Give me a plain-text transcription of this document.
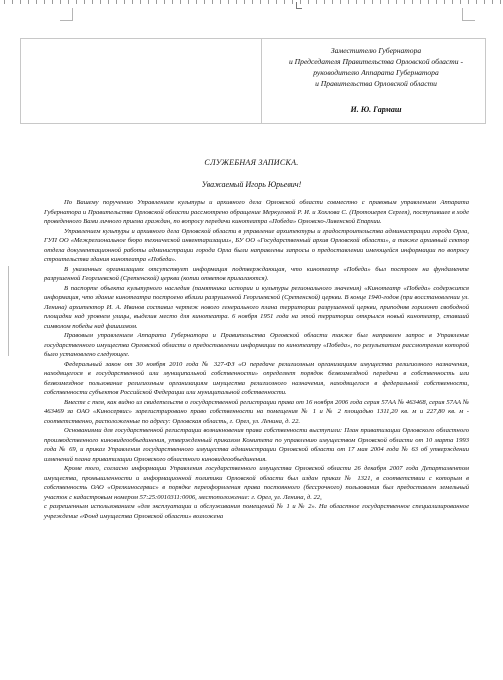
Заместителю Губернатора
и Председателя Правительства Орловской области -
руководителю Аппарата Губернатора
и Правительства Орловской области
И. Ю. Гармаш
СЛУЖЕБНАЯ ЗАПИСКА.
Уважаемый Игорь Юрьевич!

По Вашему поручению Управлением культуры и архивного дела Орловской области совместно с правовым управлением Аппарата Губернатора и Правительства Орловской области рассмотрено обращение Меркуловой Р. И. и Хохлова С. (Протоиерея Сергея), поступившее в ходе проведенного Вами личного приема граждан, по вопросу передачи кинотеатра «Победа» Орловско-Ливенской Епархии.

Управлением культуры и архивного дела Орловской области в управление архитектуры и градостроительства администрации города Орла, ГУП ОО «Межрегиональное бюро технической инвентаризации», БУ ОО «Государственный архив Орловской области», а также архивный сектор отдела документационной работы администрации города Орла были направлены запросы о предоставлении имеющейся информации по вопросу строительства здания кинотеатра «Победа».

В указанных организациях отсутствует информация подтверждающая, что кинотеатр «Победа» был построен на фундаменте разрушенной Георгиевской (Сретенской) церкви (копии ответов прилагаются).

В паспорте объекта культурного наследия (памятника истории и культуры регионального значения) «Кинотеатр «Победа» содержится информация, что здание кинотеатра построено вблизи разрушенной Георгиевской (Сретенской) церкви. В конце 1940-годов (при восстановлении ул. Ленина) архитектор И. А. Иванов составил чертеж нового генерального плана территории разрушенной церкви, приподняв горизонт свободной площадки над уровнем улицы, выделив место для кинотеатра. 6 ноября 1951 года на этой территории открылся новый кинотеатр, ставший символом победы над фашизмом.

Правовым управлением Аппарата Губернатора и Правительства Орловской области также был направлен запрос в Управление государственного имущества Орловской области о предоставлении информации по кинотеатру «Победа», по результатам рассмотрения которой было установлено следующее.

Федеральный закон от 30 ноября 2010 года № 327-ФЗ «О передаче религиозным организациям имущества религиозного назначения, находящегося в государственной или муниципальной собственности» определяет порядок безвозмездной передачи в собственность или безвозмездное пользование религиозным организациям имущества религиозного назначения, находящегося в федеральной собственности, собственности субъектов Российской Федерации или муниципальной собственности.

Вместе с тем, как видно из свидетельств о государственной регистрации права от 16 ноября 2006 года серия 57АА № 463468, серия 57АА № 463469 за ОАО «Киносервис» зарегистрировано право собственности на помещения № 1 и № 2 площадью 1311,20 кв. м и 227,80 кв. м - соответственно, расположенные по адресу: Орловская область, г. Орел, ул. Ленина, д. 22.

Основаниями для государственной регистрации возникновения права собственности выступили: План приватизации Орловского областного производственного киновидеообъединения, утвержденный приказом Комитета по управлению имуществом Орловской области от 10 марта 1993 года № 69, и приказ Управления государственного имущества администрации Орловской области от 17 мая 2004 года № 63 об утверждении изменений плана приватизации Орловского областного киновидеообъединения.

Кроме того, согласно информации Управления государственного имущества Орловской области 26 декабря 2007 года Департаментом имущества, промышленности и информационной политики Орловской области был издан приказ № 1321, в соответствии с которым в собственность ОАО «Орелкиносервис» в порядке переоформления права постоянного (бессрочного) пользования был предоставлен земельный участок с кадастровым номером 57:25:0010311:0006, местоположение: г. Орел, ул. Ленина, д. 22,

с разрешенным использованием «для эксплуатации и обслуживания помещений № 1 и № 2». На областное государственное специализированное учреждение «Фонд имущества Орловской области» возложена
